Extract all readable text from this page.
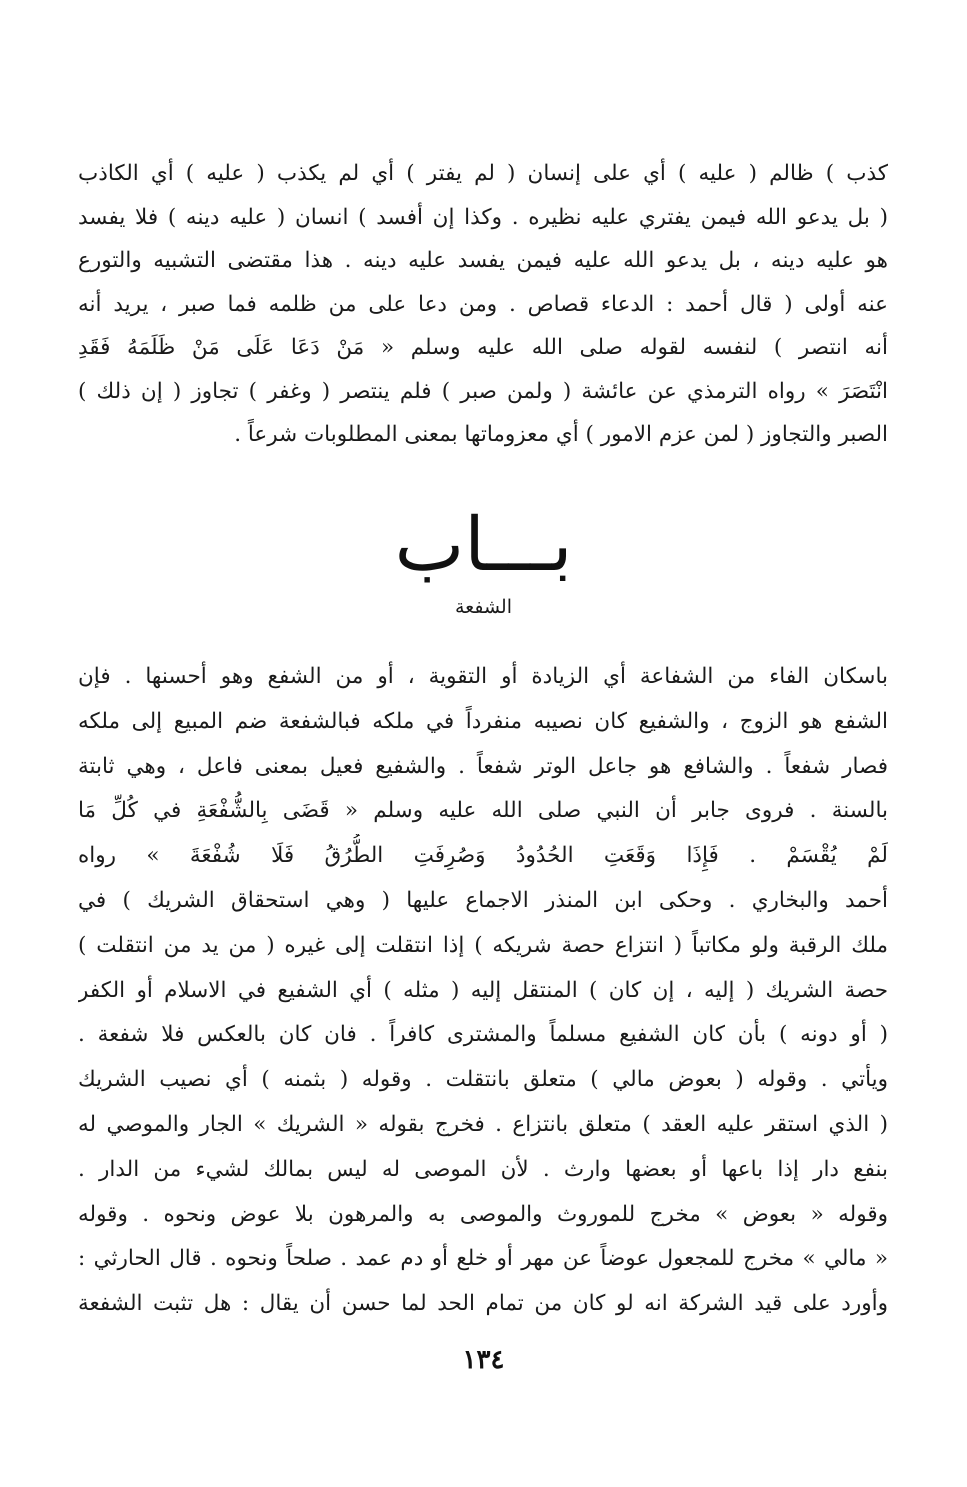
كذب ) ظالم ( عليه ) أي على إنسان ( لم يفتر ) أي لم يكذب ( عليه ) أي الكاذب
( بل يدعو الله فيمن يفتري عليه نظيره . وكذا إن أفسد ) انسان ( عليه دينه ) فلا يفسد
هو عليه دينه ، بل يدعو الله عليه فيمن يفسد عليه دينه . هذا مقتضى التشبيه والتورع
عنه أولى ( قال أحمد : الدعاء قصاص . ومن دعا على من ظلمه فما صبر ، يريد أنه
أنه انتصر ) لنفسه لقوله صلى الله عليه وسلم « مَنْ دَعَا عَلَى مَنْ ظَلَمَهُ فَقَدِ
انْتَصَرَ » رواه الترمذي عن عائشة ( ولمن صبر ) فلم ينتصر ( وغفر ) تجاوز ( إن ذلك )
الصبر والتجاوز ( لمن عزم الامور ) أي معزوماتها بمعنى المطلوبات شرعاً .
بـــاب
الشفعة
باسكان الفاء من الشفاعة أي الزيادة أو التقوية ، أو من الشفع وهو أحسنها . فإن
الشفع هو الزوج ، والشفيع كان نصيبه منفرداً في ملكه فبالشفعة ضم المبيع إلى ملكه
فصار شفعاً . والشافع هو جاعل الوتر شفعاً . والشفيع فعيل بمعنى فاعل ، وهي ثابتة
بالسنة . فروى جابر أن النبي صلى الله عليه وسلم « قَضَى بِالشُّفْعَةِ في كُلِّ مَا
لَمْ يُقْسَمْ . فَإِذَا وَقَعَتِ الحُدُودُ وَصُرِفَتِ الطُّرُقُ فَلَا شُفْعَةَ » رواه
أحمد والبخاري . وحكى ابن المنذر الاجماع عليها ( وهي استحقاق الشريك ) في
ملك الرقبة ولو مكاتباً ( انتزاع حصة شريكه ) إذا انتقلت إلى غيره ( من يد من انتقلت )
حصة الشريك ( إليه ، إن كان ) المنتقل إليه ( مثله ) أي الشفيع في الاسلام أو الكفر
( أو دونه ) بأن كان الشفيع مسلماً والمشترى كافراً . فان كان بالعكس فلا شفعة .
ويأتي . وقوله ( بعوض مالي ) متعلق بانتقلت . وقوله ( بثمنه ) أي نصيب الشريك
( الذي استقر عليه العقد ) متعلق بانتزاع . فخرج بقوله « الشريك » الجار والموصي له
بنفع دار إذا باعها أو بعضها وارث . لأن الموصى له ليس بمالك لشيء من الدار .
وقوله « بعوض » مخرج للموروث والموصى به والمرهون بلا عوض ونحوه . وقوله
« مالي » مخرج للمجعول عوضاً عن مهر أو خلع أو دم عمد . صلحاً ونحوه . قال الحارثي :
وأورد على قيد الشركة انه لو كان من تمام الحد لما حسن أن يقال : هل تثبت الشفعة
١٣٤
